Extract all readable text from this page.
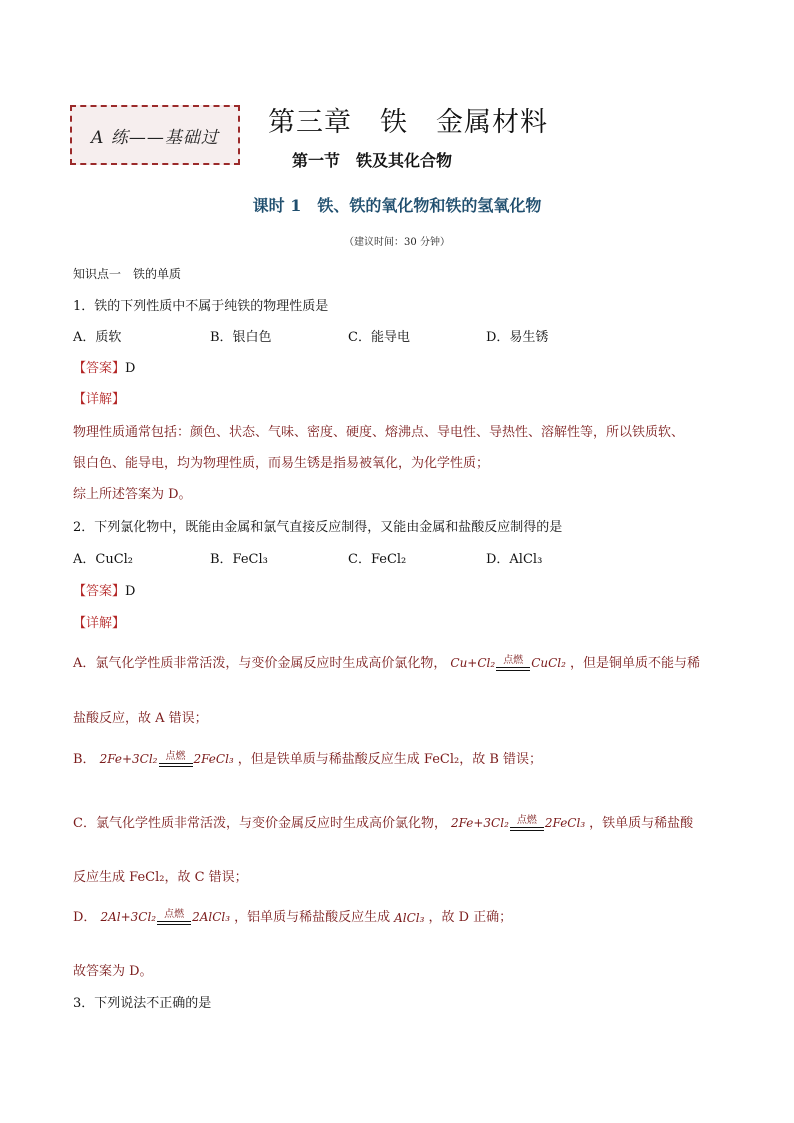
A 练——基础过 第三章　铁　金属材料
第一节　铁及其化合物
课时 1　铁、铁的氧化物和铁的氢氧化物
（建议时间：30 分钟）
知识点一　铁的单质
1．铁的下列性质中不属于纯铁的物理性质是
A．质软	B．银白色	C．能导电	D．易生锈
【答案】D
【详解】
物理性质通常包括：颜色、状态、气味、密度、硬度、熔沸点、导电性、导热性、溶解性等，所以铁质软、
银白色、能导电，均为物理性质，而易生锈是指易被氧化，为化学性质；
综上所述答案为 D。
2．下列氯化物中，既能由金属和氯气直接反应制得，又能由金属和盐酸反应制得的是
A．CuCl₂	B．FeCl₃	C．FeCl₂	D．AlCl₃
【答案】D
【详解】
A．氯气化学性质非常活泼，与变价金属反应时生成高价氯化物， Cu+Cl₂ 点燃 CuCl₂ ，但是铜单质不能与稀
盐酸反应，故 A 错误；
B． 2Fe+3Cl₂ 点燃 2FeCl₃ ，但是铁单质与稀盐酸反应生成 FeCl₂，故 B 错误；
C．氯气化学性质非常活泼，与变价金属反应时生成高价氯化物， 2Fe+3Cl₂ 点燃 2FeCl₃ ，铁单质与稀盐酸
反应生成 FeCl₂，故 C 错误；
D． 2Al+3Cl₂ 点燃 2AlCl₃ ，铝单质与稀盐酸反应生成 AlCl₃ ，故 D 正确；
故答案为 D。
3．下列说法不正确的是
